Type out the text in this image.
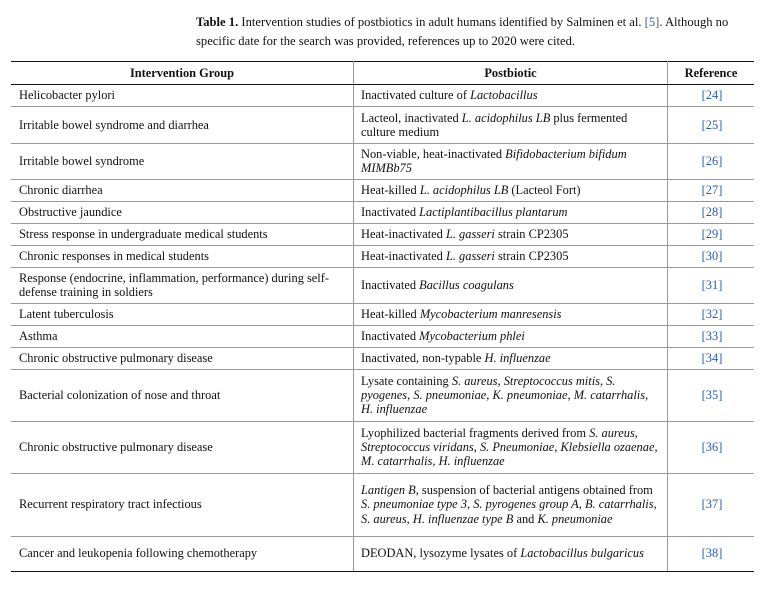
Table 1. Intervention studies of postbiotics in adult humans identified by Salminen et al. [5]. Although no specific date for the search was provided, references up to 2020 were cited.
Intervention Group	Postbiotic	Reference
Helicobacter pylori	Inactivated culture of Lactobacillus	[24]
Irritable bowel syndrome and diarrhea	Lacteol, inactivated L. acidophilus LB plus fermented culture medium	[25]
Irritable bowel syndrome	Non-viable, heat-inactivated Bifidobacterium bifidum MIMBb75	[26]
Chronic diarrhea	Heat-killed L. acidophilus LB (Lacteol Fort)	[27]
Obstructive jaundice	Inactivated Lactiplantibacillus plantarum	[28]
Stress response in undergraduate medical students	Heat-inactivated L. gasseri strain CP2305	[29]
Chronic responses in medical students	Heat-inactivated L. gasseri strain CP2305	[30]
Response (endocrine, inflammation, performance) during self-defense training in soldiers	Inactivated Bacillus coagulans	[31]
Latent tuberculosis	Heat-killed Mycobacterium manresensis	[32]
Asthma	Inactivated Mycobacterium phlei	[33]
Chronic obstructive pulmonary disease	Inactivated, non-typable H. influenzae	[34]
Bacterial colonization of nose and throat	Lysate containing S. aureus, Streptococcus mitis, S. pyogenes, S. pneumoniae, K. pneumoniae, M. catarrhalis, H. influenzae	[35]
Chronic obstructive pulmonary disease	Lyophilized bacterial fragments derived from S. aureus, Streptococcus viridans, S. Pneumoniae, Klebsiella ozaenae, M. catarrhalis, H. influenzae	[36]
Recurrent respiratory tract infectious	Lantigen B, suspension of bacterial antigens obtained from S. pneumoniae type 3, S. pyrogenes group A, B. catarrhalis, S. aureus, H. influenzae type B and K. pneumoniae	[37]
Cancer and leukopenia following chemotherapy	DEODAN, lysozyme lysates of Lactobacillus bulgaricus	[38]
